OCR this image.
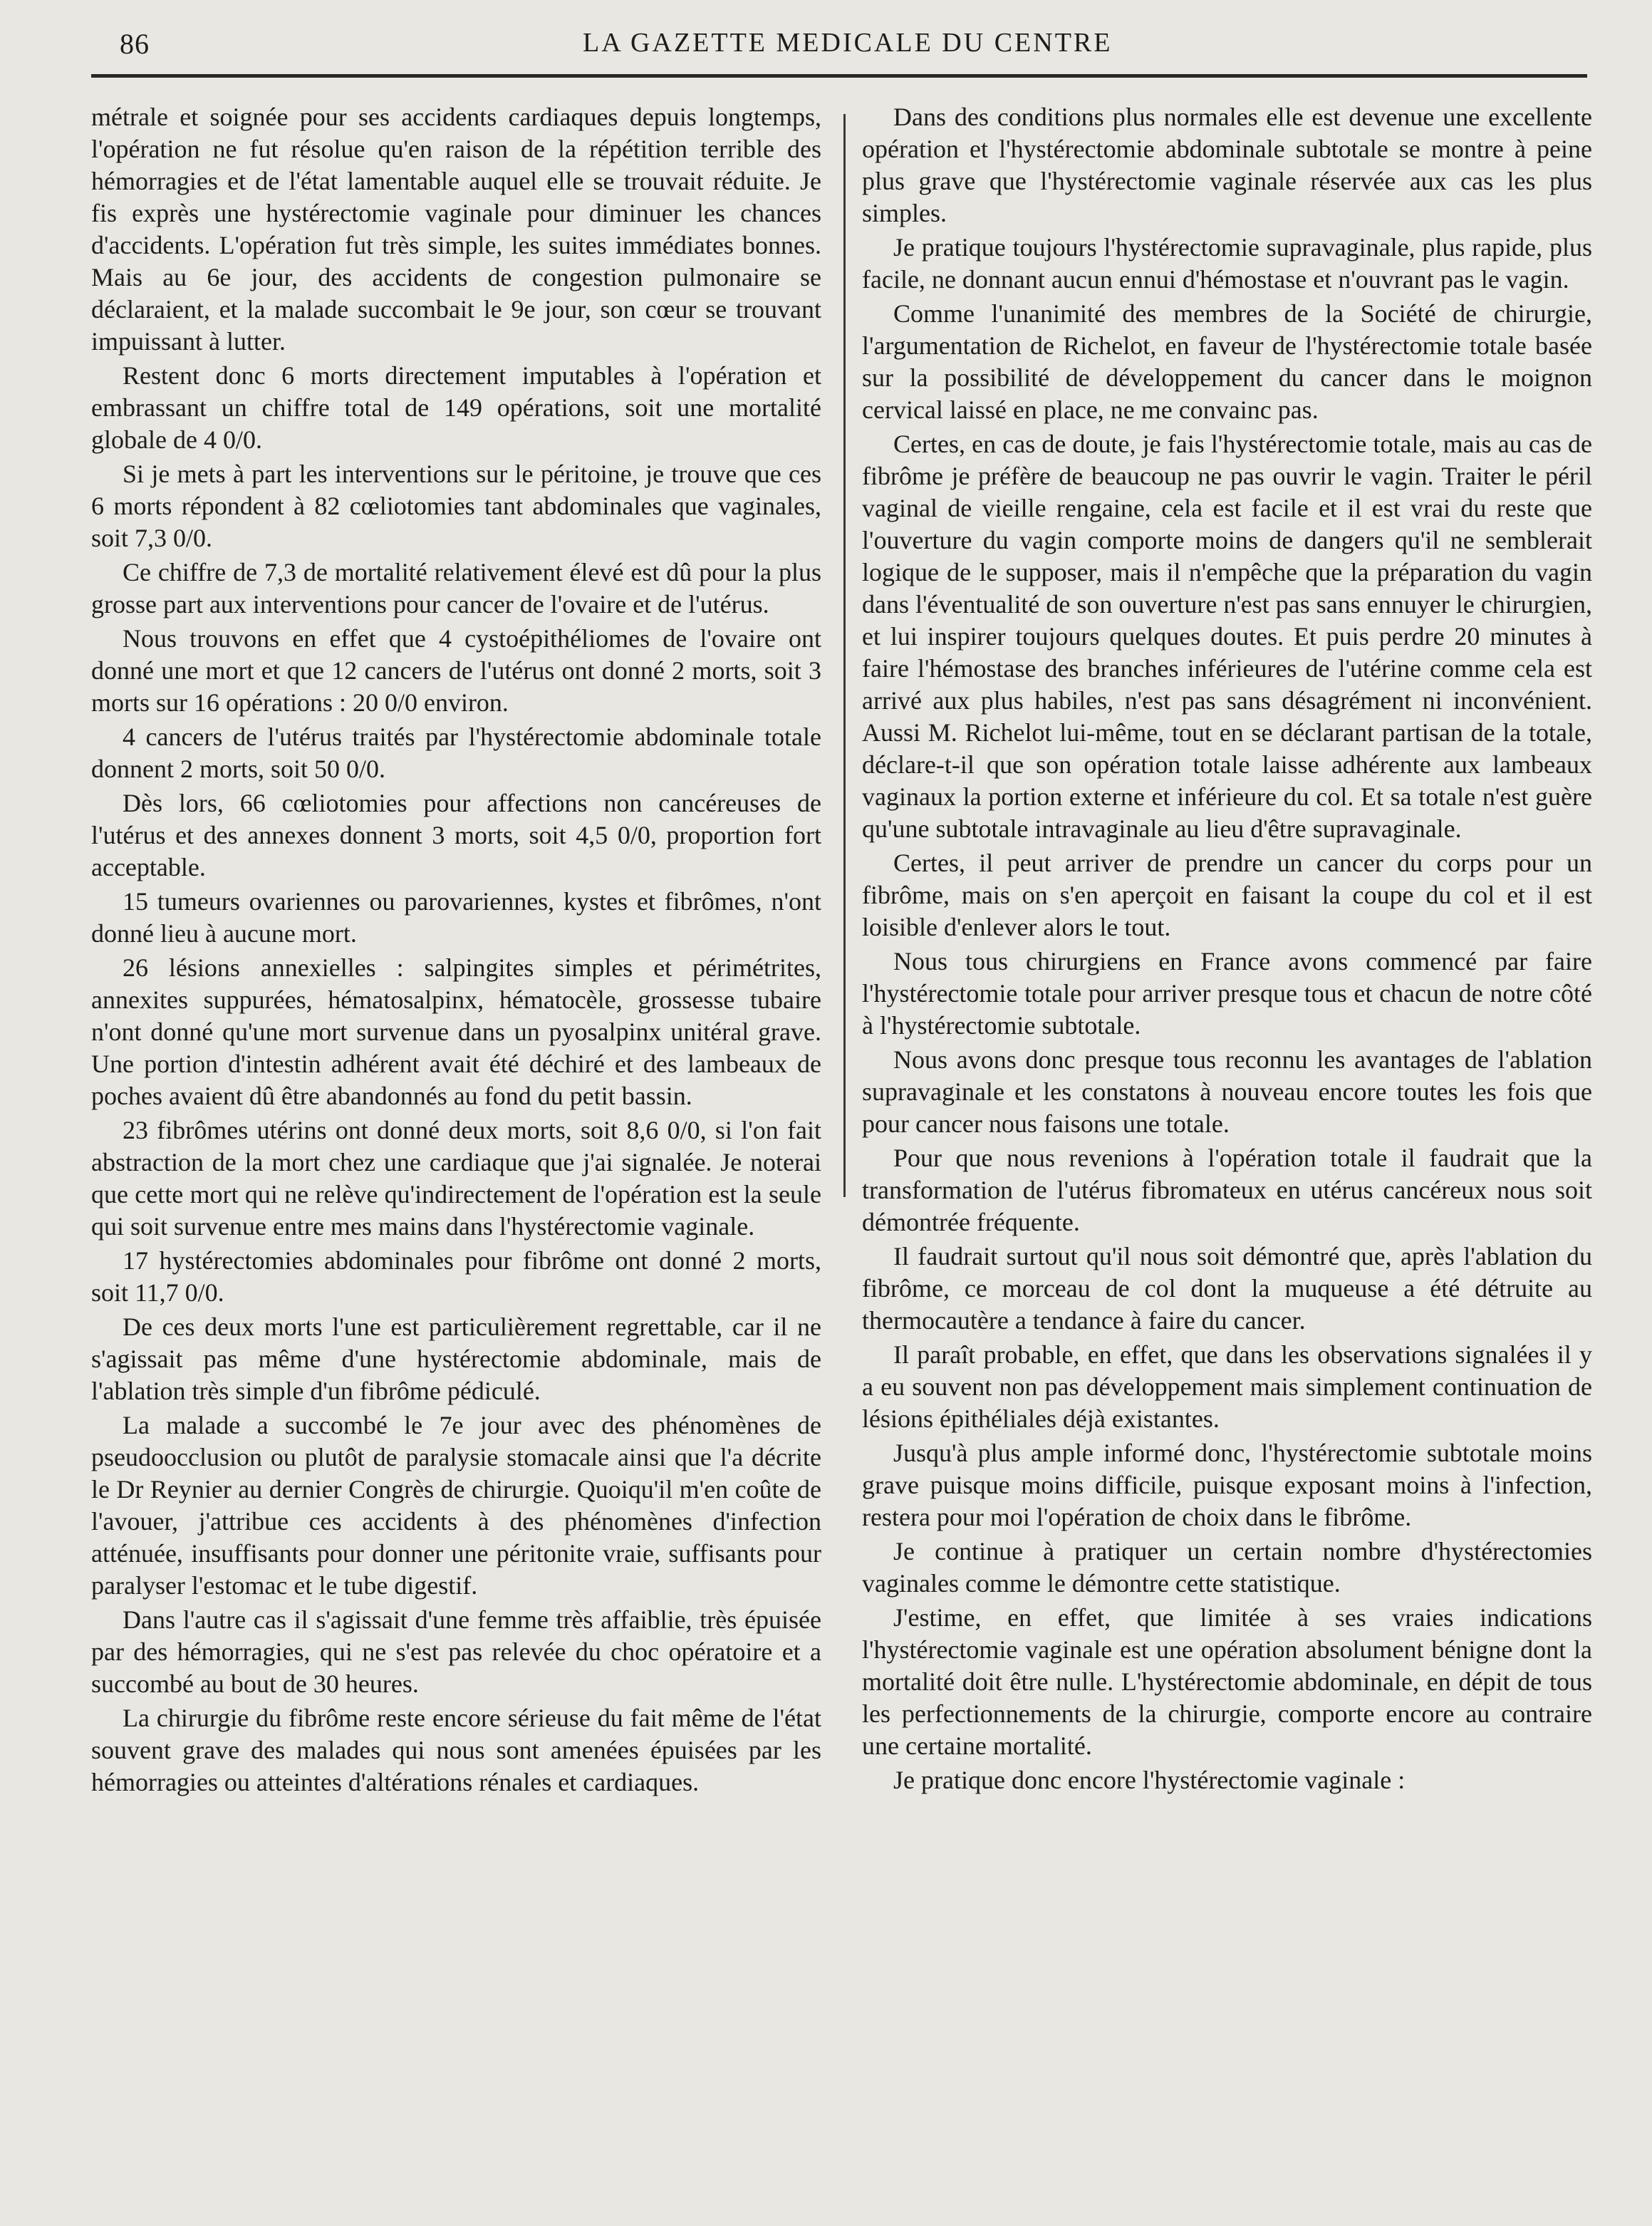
86	LA GAZETTE MEDICALE DU CENTRE

métrale et soignée pour ses accidents cardiaques depuis longtemps, l'opération ne fut résolue qu'en raison de la répétition terrible des hémorragies et de l'état lamentable auquel elle se trouvait réduite. Je fis exprès une hystérectomie vaginale pour diminuer les chances d'accidents. L'opération fut très simple, les suites immédiates bonnes. Mais au 6e jour, des accidents de congestion pulmonaire se déclaraient, et la malade succombait le 9e jour, son cœur se trouvant impuissant à lutter.

Restent donc 6 morts directement imputables à l'opération et embrassant un chiffre total de 149 opérations, soit une mortalité globale de 4 0/0.

Si je mets à part les interventions sur le péritoine, je trouve que ces 6 morts répondent à 82 cœliotomies tant abdominales que vaginales, soit 7,3 0/0.

Ce chiffre de 7,3 de mortalité relativement élevé est dû pour la plus grosse part aux interventions pour cancer de l'ovaire et de l'utérus.

Nous trouvons en effet que 4 cystoépithéliomes de l'ovaire ont donné une mort et que 12 cancers de l'utérus ont donné 2 morts, soit 3 morts sur 16 opérations : 20 0/0 environ.

4 cancers de l'utérus traités par l'hystérectomie abdominale totale donnent 2 morts, soit 50 0/0.

Dès lors, 66 cœliotomies pour affections non cancéreuses de l'utérus et des annexes donnent 3 morts, soit 4,5 0/0, proportion fort acceptable.

15 tumeurs ovariennes ou parovariennes, kystes et fibrômes, n'ont donné lieu à aucune mort.

26 lésions annexielles : salpingites simples et périmétrites, annexites suppurées, hématosalpinx, hématocèle, grossesse tubaire n'ont donné qu'une mort survenue dans un pyosalpinx unitéral grave. Une portion d'intestin adhérent avait été déchiré et des lambeaux de poches avaient dû être abandonnés au fond du petit bassin.

23 fibrômes utérins ont donné deux morts, soit 8,6 0/0, si l'on fait abstraction de la mort chez une cardiaque que j'ai signalée. Je noterai que cette mort qui ne relève qu'indirectement de l'opération est la seule qui soit survenue entre mes mains dans l'hystérectomie vaginale.

17 hystérectomies abdominales pour fibrôme ont donné 2 morts, soit 11,7 0/0.

De ces deux morts l'une est particulièrement regrettable, car il ne s'agissait pas même d'une hystérectomie abdominale, mais de l'ablation très simple d'un fibrôme pédiculé.

La malade a succombé le 7e jour avec des phénomènes de pseudoocclusion ou plutôt de paralysie stomacale ainsi que l'a décrite le Dr Reynier au dernier Congrès de chirurgie. Quoiqu'il m'en coûte de l'avouer, j'attribue ces accidents à des phénomènes d'infection atténuée, insuffisants pour donner une péritonite vraie, suffisants pour paralyser l'estomac et le tube digestif.

Dans l'autre cas il s'agissait d'une femme très affaiblie, très épuisée par des hémorragies, qui ne s'est pas relevée du choc opératoire et a succombé au bout de 30 heures.

La chirurgie du fibrôme reste encore sérieuse du fait même de l'état souvent grave des malades qui nous sont amenées épuisées par les hémorragies ou atteintes d'altérations rénales et cardiaques.

Dans des conditions plus normales elle est devenue une excellente opération et l'hystérectomie abdominale subtotale se montre à peine plus grave que l'hystérectomie vaginale réservée aux cas les plus simples.

Je pratique toujours l'hystérectomie supravaginale, plus rapide, plus facile, ne donnant aucun ennui d'hémostase et n'ouvrant pas le vagin.

Comme l'unanimité des membres de la Société de chirurgie, l'argumentation de Richelot, en faveur de l'hystérectomie totale basée sur la possibilité de développement du cancer dans le moignon cervical laissé en place, ne me convainc pas.

Certes, en cas de doute, je fais l'hystérectomie totale, mais au cas de fibrôme je préfère de beaucoup ne pas ouvrir le vagin. Traiter le péril vaginal de vieille rengaine, cela est facile et il est vrai du reste que l'ouverture du vagin comporte moins de dangers qu'il ne semblerait logique de le supposer, mais il n'empêche que la préparation du vagin dans l'éventualité de son ouverture n'est pas sans ennuyer le chirurgien, et lui inspirer toujours quelques doutes. Et puis perdre 20 minutes à faire l'hémostase des branches inférieures de l'utérine comme cela est arrivé aux plus habiles, n'est pas sans désagrément ni inconvénient. Aussi M. Richelot lui-même, tout en se déclarant partisan de la totale, déclare-t-il que son opération totale laisse adhérente aux lambeaux vaginaux la portion externe et inférieure du col. Et sa totale n'est guère qu'une subtotale intravaginale au lieu d'être supravaginale.

Certes, il peut arriver de prendre un cancer du corps pour un fibrôme, mais on s'en aperçoit en faisant la coupe du col et il est loisible d'enlever alors le tout.

Nous tous chirurgiens en France avons commencé par faire l'hystérectomie totale pour arriver presque tous et chacun de notre côté à l'hystérectomie subtotale.

Nous avons donc presque tous reconnu les avantages de l'ablation supravaginale et les constatons à nouveau encore toutes les fois que pour cancer nous faisons une totale.

Pour que nous revenions à l'opération totale il faudrait que la transformation de l'utérus fibromateux en utérus cancéreux nous soit démontrée fréquente.

Il faudrait surtout qu'il nous soit démontré que, après l'ablation du fibrôme, ce morceau de col dont la muqueuse a été détruite au thermocautère a tendance à faire du cancer.

Il paraît probable, en effet, que dans les observations signalées il y a eu souvent non pas développement mais simplement continuation de lésions épithéliales déjà existantes.

Jusqu'à plus ample informé donc, l'hystérectomie subtotale moins grave puisque moins difficile, puisque exposant moins à l'infection, restera pour moi l'opération de choix dans le fibrôme.

Je continue à pratiquer un certain nombre d'hystérectomies vaginales comme le démontre cette statistique.

J'estime, en effet, que limitée à ses vraies indications l'hystérectomie vaginale est une opération absolument bénigne dont la mortalité doit être nulle. L'hystérectomie abdominale, en dépit de tous les perfectionnements de la chirurgie, comporte encore au contraire une certaine mortalité.

Je pratique donc encore l'hystérectomie vaginale :
